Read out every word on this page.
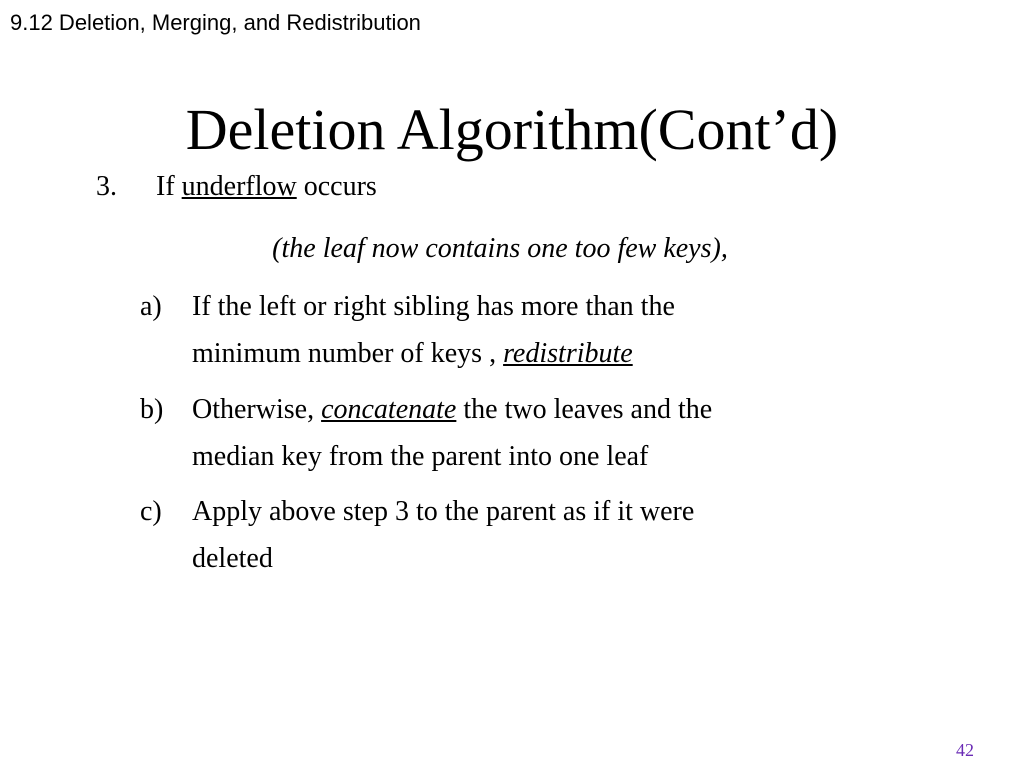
9.12 Deletion, Merging, and Redistribution
Deletion Algorithm(Cont’d)
3. If underflow occurs
(the leaf now contains one too few keys),
a) If the left or right sibling has more than the
minimum number of keys , redistribute
b) Otherwise, concatenate the two leaves and the
median key from the parent into one leaf
c) Apply above step 3 to the parent as if it were
deleted
42
